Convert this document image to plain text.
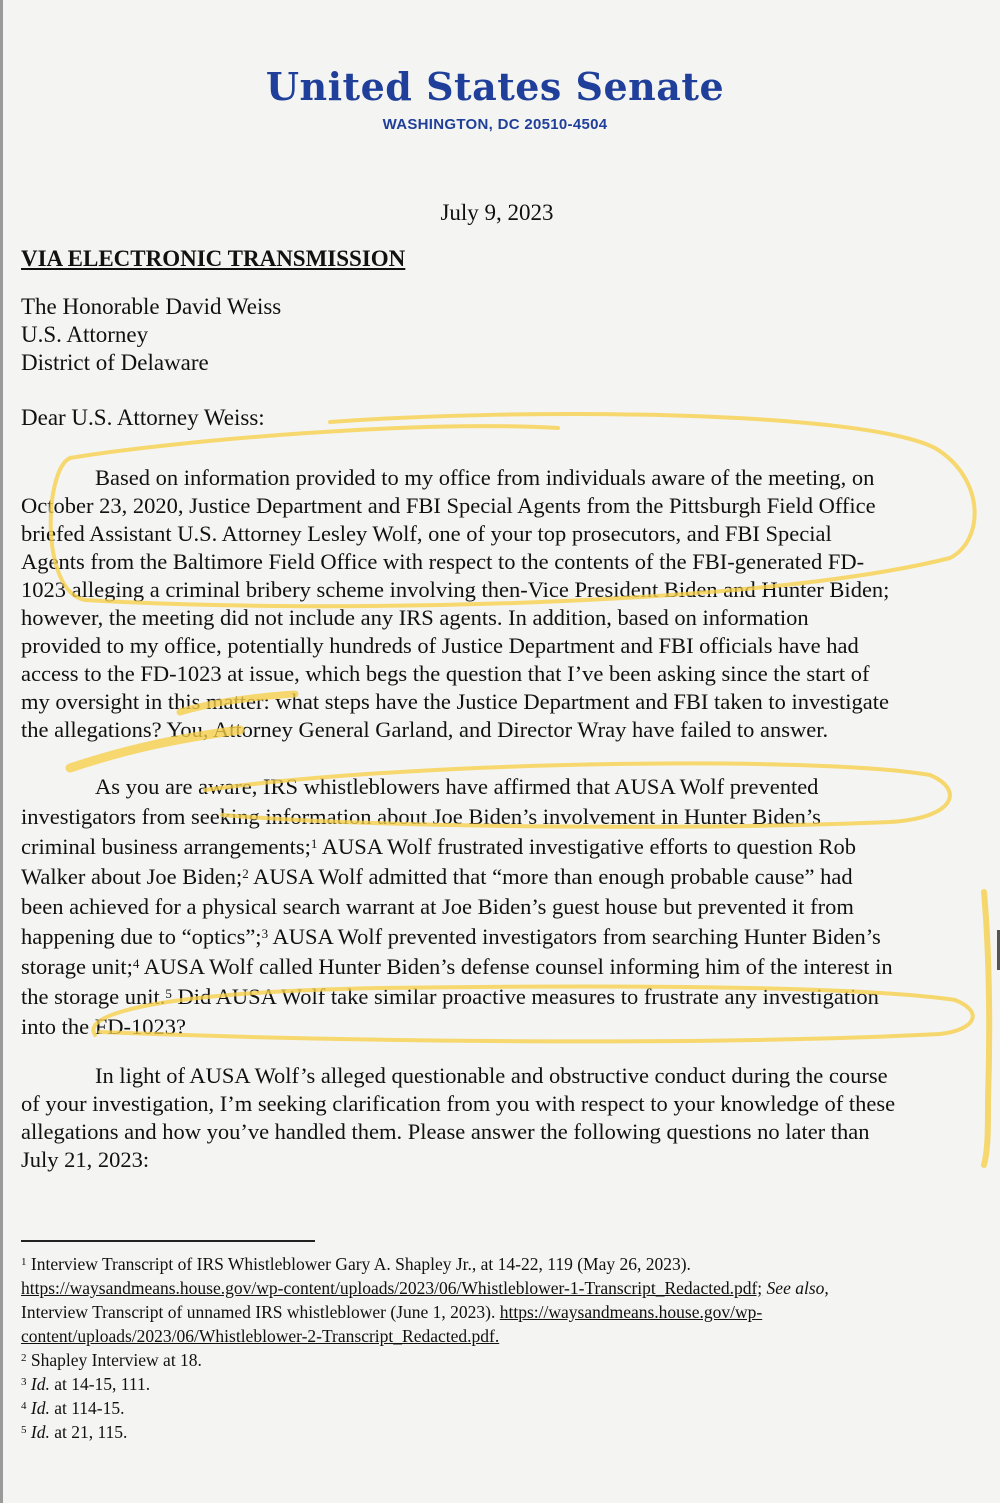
United States Senate
WASHINGTON, DC 20510-4504
July 9, 2023
VIA ELECTRONIC TRANSMISSION
The Honorable David Weiss
U.S. Attorney
District of Delaware
Dear U.S. Attorney Weiss:
Based on information provided to my office from individuals aware of the meeting, on
October 23, 2020, Justice Department and FBI Special Agents from the Pittsburgh Field Office
briefed Assistant U.S. Attorney Lesley Wolf, one of your top prosecutors, and FBI Special
Agents from the Baltimore Field Office with respect to the contents of the FBI-generated FD-
1023 alleging a criminal bribery scheme involving then-Vice President Biden and Hunter Biden;
however, the meeting did not include any IRS agents. In addition, based on information
provided to my office, potentially hundreds of Justice Department and FBI officials have had
access to the FD-1023 at issue, which begs the question that I’ve been asking since the start of
my oversight in this matter: what steps have the Justice Department and FBI taken to investigate
the allegations? You, Attorney General Garland, and Director Wray have failed to answer.
As you are aware, IRS whistleblowers have affirmed that AUSA Wolf prevented
investigators from seeking information about Joe Biden’s involvement in Hunter Biden’s
criminal business arrangements;$^1$ AUSA Wolf frustrated investigative efforts to question Rob
Walker about Joe Biden;$^2$ AUSA Wolf admitted that “more than enough probable cause” had
been achieved for a physical search warrant at Joe Biden’s guest house but prevented it from
happening due to “optics”;$^3$ AUSA Wolf prevented investigators from searching Hunter Biden’s
storage unit;$^4$ AUSA Wolf called Hunter Biden’s defense counsel informing him of the interest in
the storage unit.$^5$ Did AUSA Wolf take similar proactive measures to frustrate any investigation
into the FD-1023?
In light of AUSA Wolf’s alleged questionable and obstructive conduct during the course
of your investigation, I’m seeking clarification from you with respect to your knowledge of these
allegations and how you’ve handled them. Please answer the following questions no later than
July 21, 2023:
$^1$ Interview Transcript of IRS Whistleblower Gary A. Shapley Jr., at 14-22, 119 (May 26, 2023).
https://waysandmeans.house.gov/wp-content/uploads/2023/06/Whistleblower-1-Transcript_Redacted.pdf; See also,
Interview Transcript of unnamed IRS whistleblower (June 1, 2023). https://waysandmeans.house.gov/wp-
content/uploads/2023/06/Whistleblower-2-Transcript_Redacted.pdf.
$^2$ Shapley Interview at 18.
$^3$ Id. at 14-15, 111.
$^4$ Id. at 114-15.
$^5$ Id. at 21, 115.
